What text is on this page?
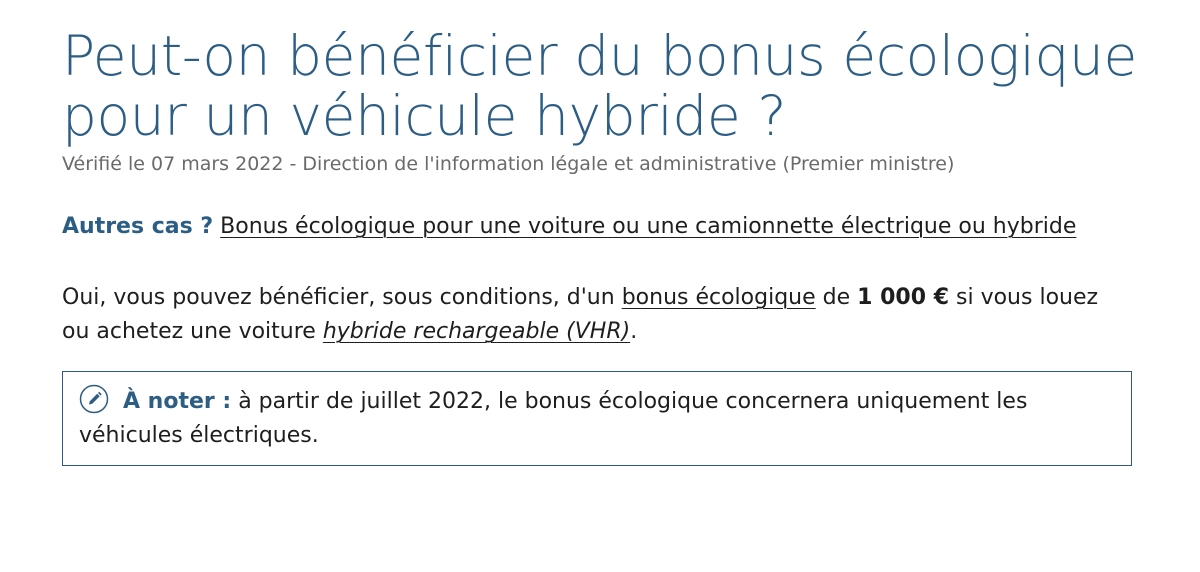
Peut-on bénéficier du bonus écologique pour un véhicule hybride ?
Vérifié le 07 mars 2022 - Direction de l'information légale et administrative (Premier ministre)
Autres cas ? Bonus écologique pour une voiture ou une camionnette électrique ou hybride

Oui, vous pouvez bénéficier, sous conditions, d'un bonus écologique de 1 000 € si vous louez ou achetez une voiture hybride rechargeable (VHR).

À noter : à partir de juillet 2022, le bonus écologique concernera uniquement les véhicules électriques.
